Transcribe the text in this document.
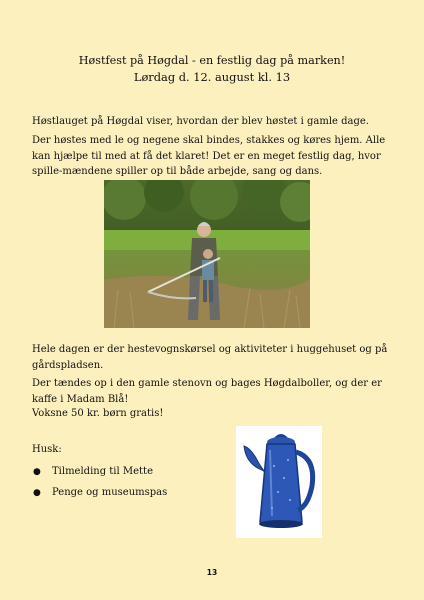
Høstfest på Høgdal - en festlig dag på marken!
Lørdag d. 12. august kl. 13

Høstlauget på Høgdal viser, hvordan der blev høstet i gamle dage.

Der høstes med le og negene skal bindes, stakkes og køres hjem. Alle kan hjælpe til med at få det klaret! Det er en meget festlig dag, hvor spille-mændene spiller op til både arbejde, sang og dans.

Hele dagen er der hestevognskørsel og aktiviteter i huggehuset og på gårdspladsen.

Der tændes op i den gamle stenovn og bages Høgdalboller, og der er kaffe i Madam Blå!

Voksne 50 kr. børn gratis!

Husk:
● Tilmelding til Mette
● Penge og museumspas
13
